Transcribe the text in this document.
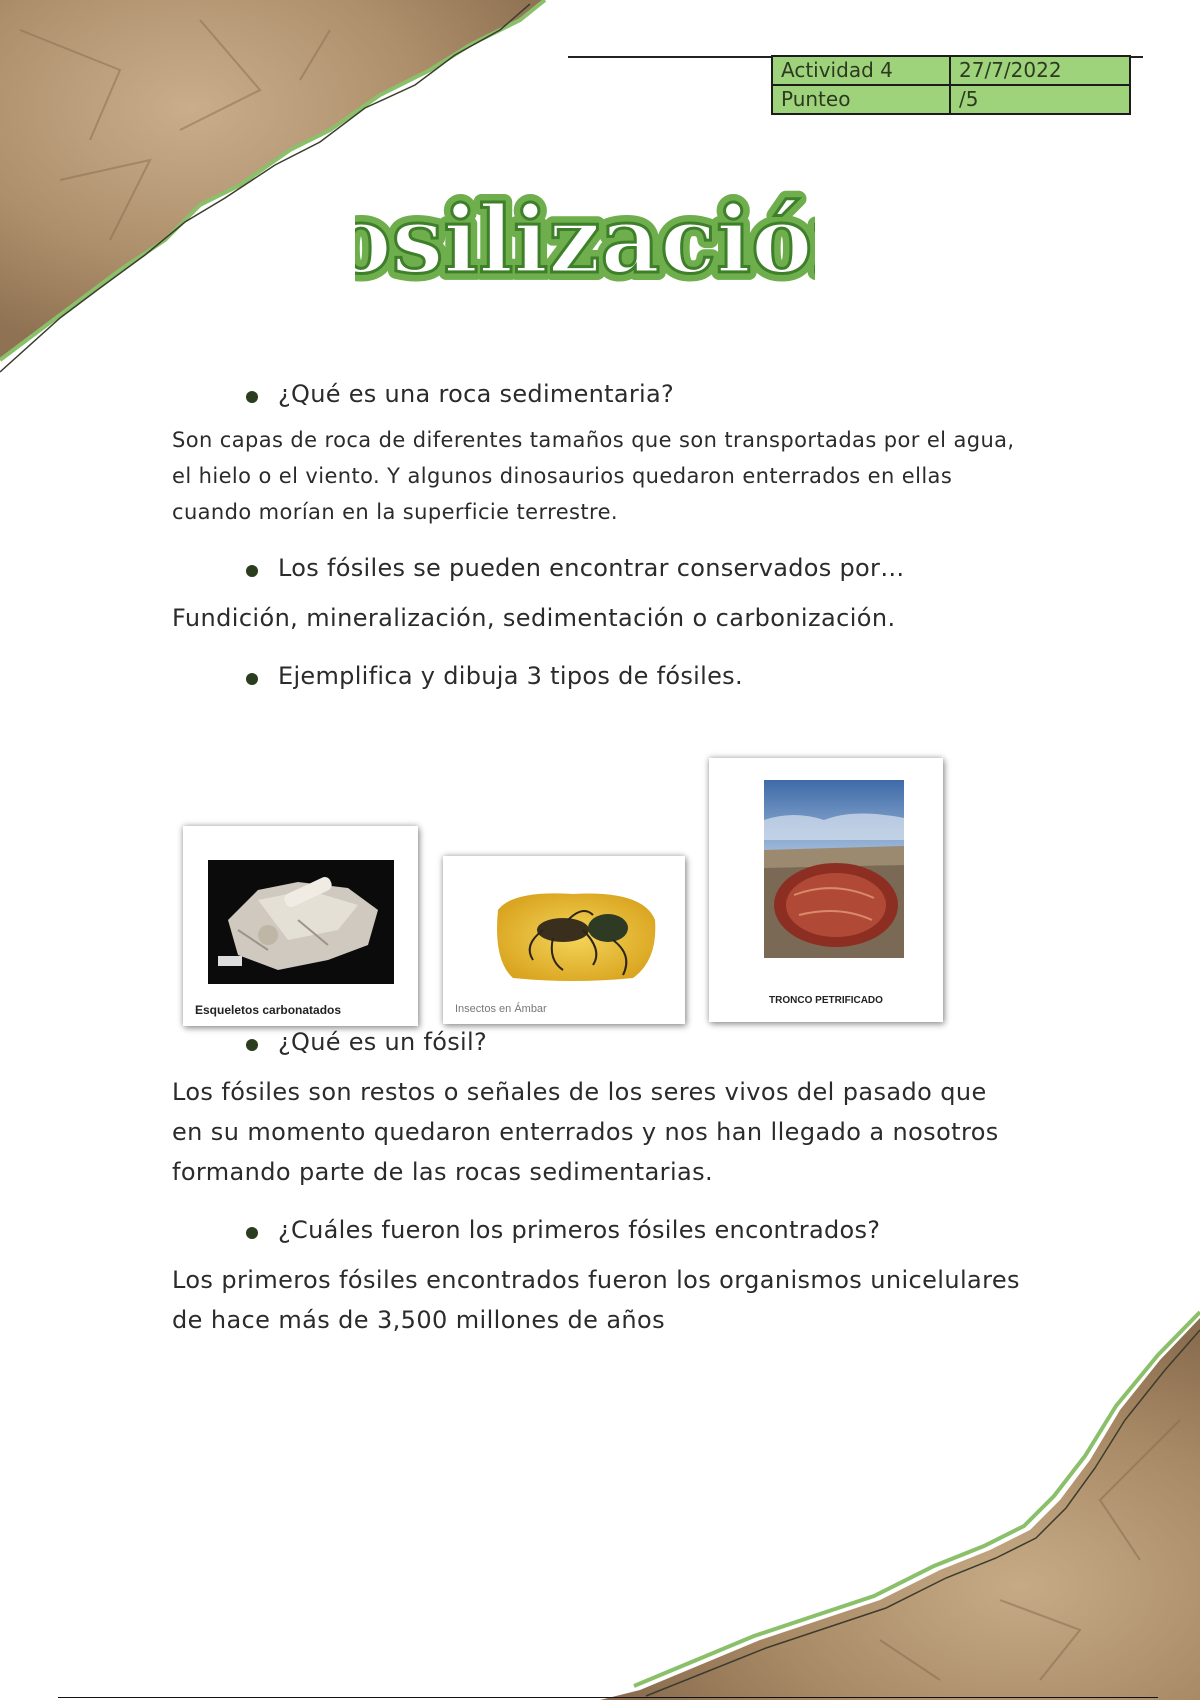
Actividad 4	27/7/2022
Punteo	/5
osilizació
osilizació
¿Qué es una roca sedimentaria?
Son capas de roca de diferentes tamaños que son transportadas por el agua, el hielo o el viento. Y algunos dinosaurios quedaron enterrados en ellas cuando morían en la superficie terrestre.
Los fósiles se pueden encontrar conservados por…
Fundición, mineralización, sedimentación o carbonización.
Ejemplifica y dibuja 3 tipos de fósiles.
¿Qué es un fósil?
Los fósiles son restos o señales de los seres vivos del pasado que en su momento quedaron enterrados y nos han llegado a nosotros formando parte de las rocas sedimentarias.
¿Cuáles fueron los primeros fósiles encontrados?
Los primeros fósiles encontrados fueron los organismos unicelulares de hace más de 3,500 millones de años
Esqueletos carbonatados	Insectos en Ámbar
TRONCO PETRIFICADO
